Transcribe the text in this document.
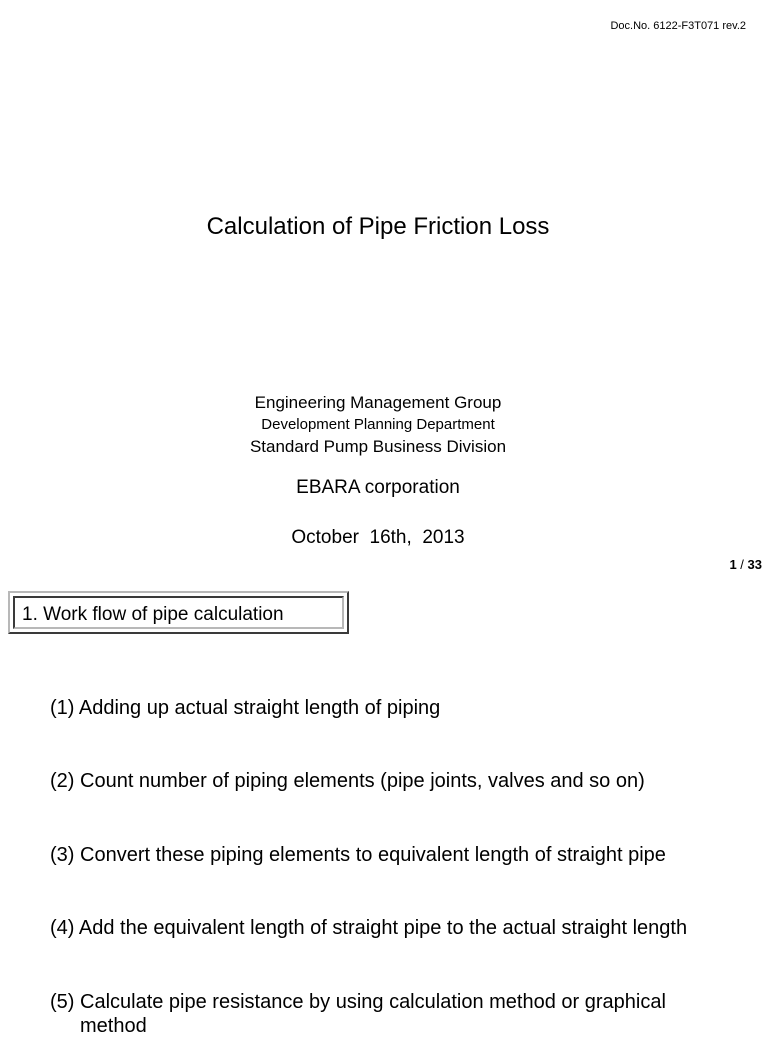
Doc.No. 6122-F3T071 rev.2
Calculation of Pipe Friction Loss
Engineering Management Group
Development Planning Department
Standard Pump Business Division
EBARA corporation
October  16th,  2013
1 / 33
1. Work flow of pipe calculation
(1) Adding up actual straight length of piping
(2) Count number of piping elements (pipe joints, valves and so on)
(3) Convert these piping elements to equivalent length of straight pipe
(4) Add the equivalent length of straight pipe to the actual straight length
(5) Calculate pipe resistance by using calculation method or graphical
method
